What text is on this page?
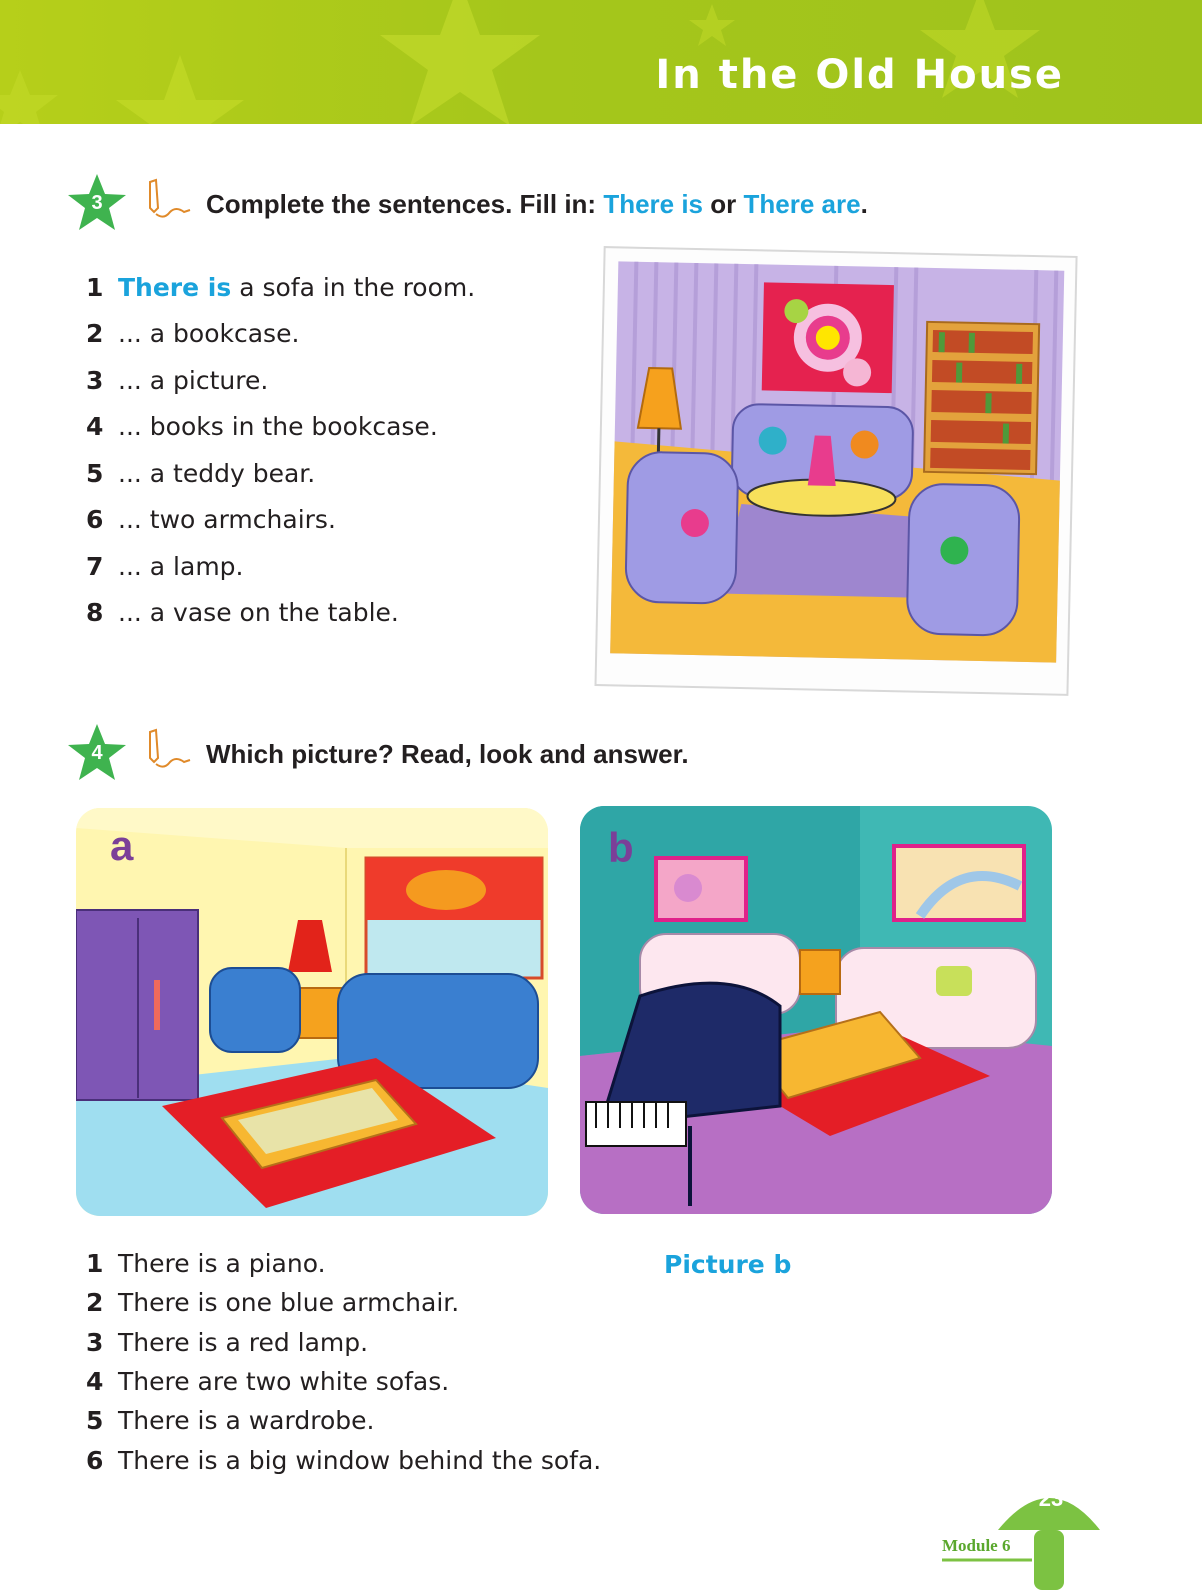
In the Old House
3	Complete the sentences. Fill in: There is or There are.
1 There is a sofa in the room.
2 ... a bookcase.
3 ... a picture.
4 ... books in the bookcase.
5 ... a teddy bear.
6 ... two armchairs.
7 ... a lamp.
8 ... a vase on the table.
4	Which picture? Read, look and answer.
a	b
1 There is a piano.
2 There is one blue armchair.
3 There is a red lamp.
4 There are two white sofas.
5 There is a wardrobe.
6 There is a big window behind the sofa.
Picture b
23
Module 6
